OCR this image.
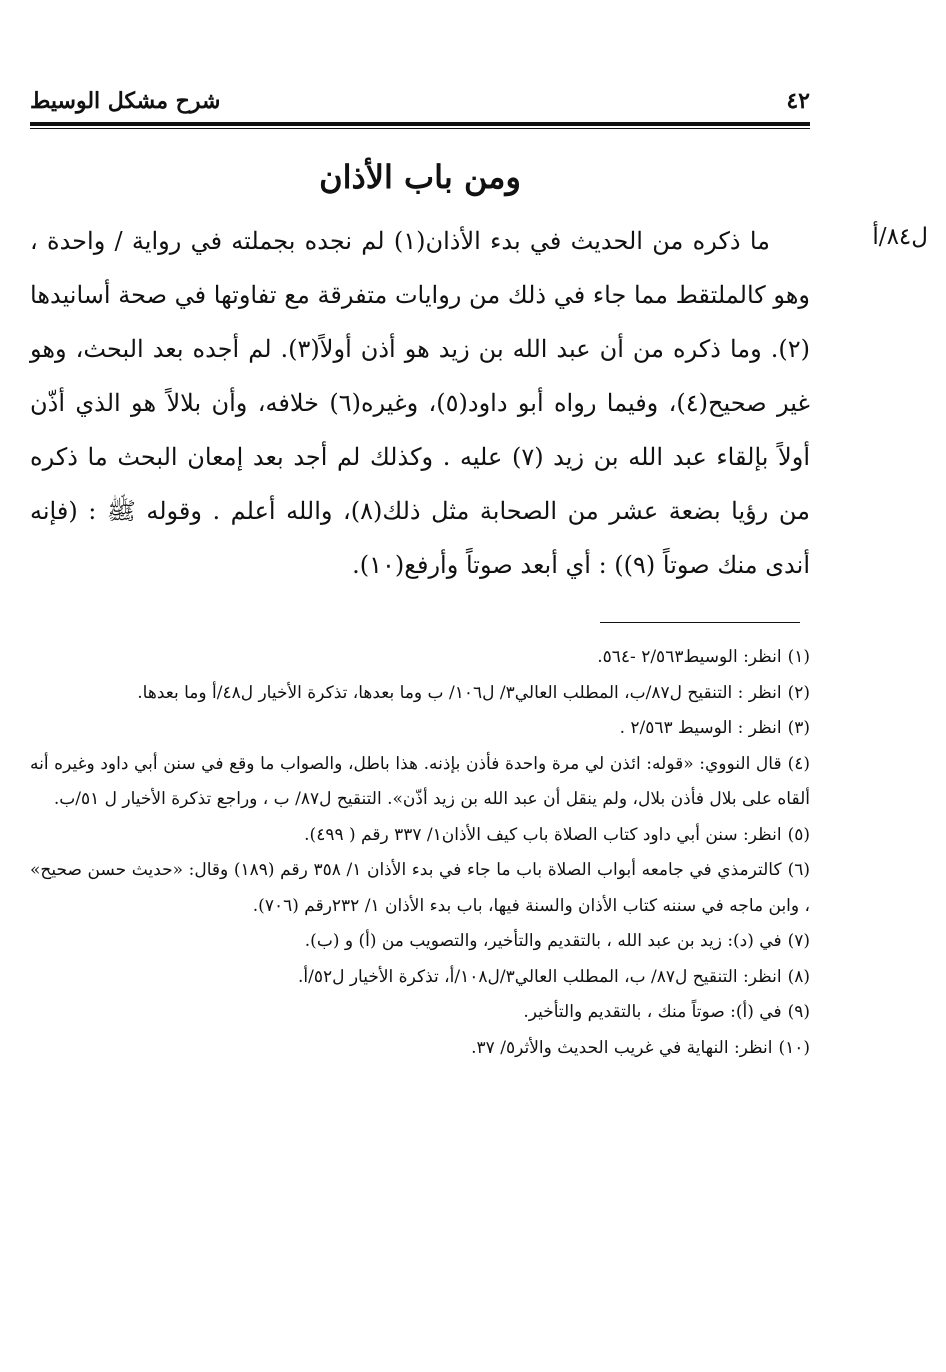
شرح مشكل الوسيط	٤٢
ومن باب الأذان
ل٨٤/أ

ما ذكره من الحديث في بدء الأذان(١) لم نجده بجملته في رواية / واحدة ، وهو كالملتقط مما جاء في ذلك من روايات متفرقة مع تفاوتها في صحة أسانيدها (٢). وما ذكره من أن عبد الله بن زيد هو أذن أولاً(٣). لم أجده بعد البحث، وهو غير صحيح(٤)، وفيما رواه أبو داود(٥)، وغيره(٦) خلافه، وأن بلالاً هو الذي أذّن أولاً بإلقاء عبد الله بن زيد (٧) عليه . وكذلك لم أجد بعد إمعان البحث ما ذكره من رؤيا بضعة عشر من الصحابة مثل ذلك(٨)، والله أعلم . وقوله ﷺ : (فإنه أندى منك صوتاً (٩)) : أي أبعد صوتاً وأرفع(١٠).

(١)انظر: الوسيط٢/٥٦٣ -٥٦٤.

(٢)انظر : التنقيح ل٨٧/ب، المطلب العالي٣/ ل١٠٦/ ب وما بعدها، تذكرة الأخيار ل٤٨/أ وما بعدها.

(٣)انظر : الوسيط ٢/٥٦٣ .

(٤)قال النووي: «قوله: ائذن لي مرة واحدة فأذن بإذنه. هذا باطل، والصواب ما وقع في سنن أبي داود وغيره أنه ألقاه على بلال فأذن بلال، ولم ينقل أن عبد الله بن زيد أذّن». التنقيح ل٨٧/ ب ، وراجع تذكرة الأخيار ل ٥١/ب.

(٥)انظر: سنن أبي داود كتاب الصلاة باب كيف الأذان١/ ٣٣٧ رقم ( ٤٩٩).

(٦)كالترمذي في جامعه أبواب الصلاة باب ما جاء في بدء الأذان ١/ ٣٥٨ رقم (١٨٩) وقال: «حديث حسن صحيح» ، وابن ماجه في سننه كتاب الأذان والسنة فيها، باب بدء الأذان ١/ ٢٣٢رقم (٧٠٦).

(٧)في (د): زيد بن عبد الله ، بالتقديم والتأخير، والتصويب من (أ) و (ب).

(٨)انظر: التنقيح ل٨٧/ ب، المطلب العالي٣/ل١٠٨/أ، تذكرة الأخيار ل٥٢/أ.

(٩)في (أ): صوتاً منك ، بالتقديم والتأخير.

(١٠)انظر: النهاية في غريب الحديث والأثر٥/ ٣٧.
